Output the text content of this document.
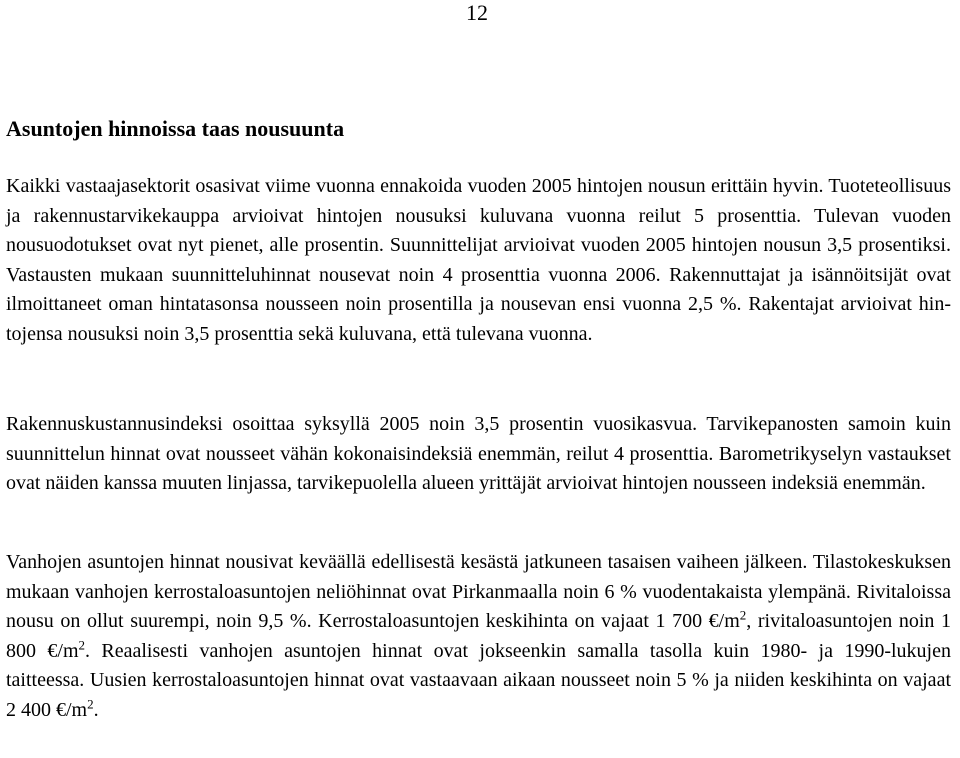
12
Asuntojen hinnoissa taas nousuunta

Kaikki vastaajasektorit osasivat viime vuonna ennakoida vuoden 2005 hintojen nousun erittäin hyvin. Tuoteteollisuus ja rakennustarvikekauppa arvioivat hintojen nousuksi kuluvana vuonna reilut 5 prosenttia. Tulevan vuoden nousuodotukset ovat nyt pienet, alle prosentin. Suunnittelijat arvioivat vuoden 2005 hintojen nousun 3,5 prosentiksi. Vastausten mukaan suunnitteluhinnat nousevat noin 4 prosenttia vuonna 2006. Rakennuttajat ja isännöitsijät ovat ilmoittaneet oman hintatasonsa nousseen noin prosentilla ja nousevan ensi vuonna 2,5 %. Rakentajat arvioivat hintojensa nousuksi noin 3,5 prosenttia sekä kuluvana, että tulevana vuonna.

Rakennuskustannusindeksi osoittaa syksyllä 2005 noin 3,5 prosentin vuosikasvua. Tarvikepanosten samoin kuin suunnittelun hinnat ovat nousseet vähän kokonaisindeksiä enemmän, reilut 4 prosenttia. Barometrikyselyn vastaukset ovat näiden kanssa muuten linjassa, tarvikepuolella alueen yrittäjät arvioivat hintojen nousseen indeksiä enemmän.

Vanhojen asuntojen hinnat nousivat keväällä edellisestä kesästä jatkuneen tasaisen vaiheen jälkeen. Tilastokeskuksen mukaan vanhojen kerrostaloasuntojen neliöhinnat ovat Pirkanmaalla noin 6 % vuodentakaista ylempänä. Rivitaloissa nousu on ollut suurempi, noin 9,5 %. Kerrostaloasuntojen keskihinta on vajaat 1 700 $€/m^2$, rivitaloasuntojen noin 1 800 $€/m^2$. Reaalisesti vanhojen asuntojen hinnat ovat jokseenkin samalla tasolla kuin 1980- ja 1990-lukujen taitteessa. Uusien kerrostaloasuntojen hinnat ovat vastaavaan aikaan nousseet noin 5 % ja niiden keskihinta on vajaat 2 400 $€/m^2$.
